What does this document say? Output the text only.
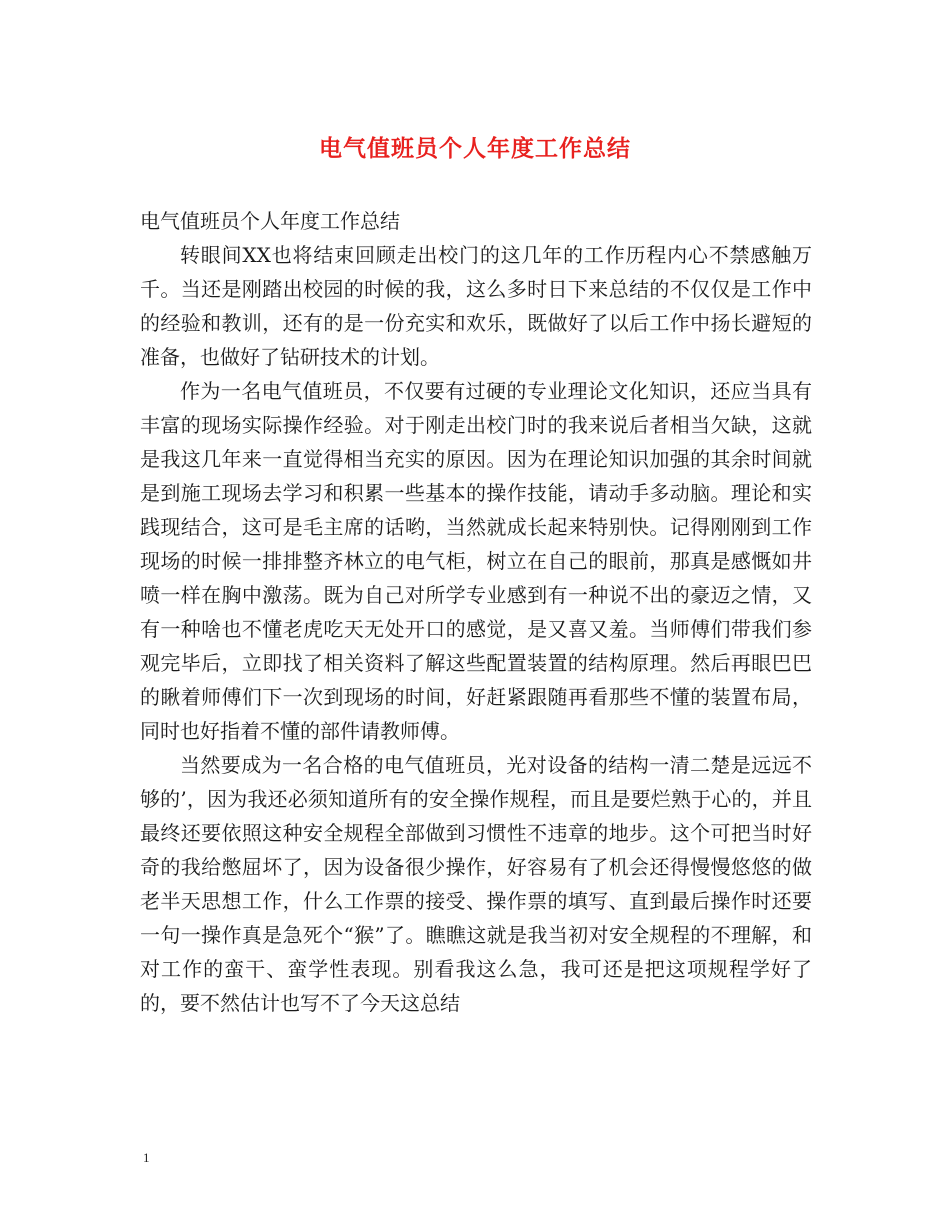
电气值班员个人年度工作总结

电气值班员个人年度工作总结

转眼间XX也将结束回顾走出校门的这几年的工作历程内心不禁感触万千。当还是刚踏出校园的时候的我，这么多时日下来总结的不仅仅是工作中的经验和教训，还有的是一份充实和欢乐，既做好了以后工作中扬长避短的准备，也做好了钻研技术的计划。

作为一名电气值班员，不仅要有过硬的专业理论文化知识，还应当具有丰富的现场实际操作经验。对于刚走出校门时的我来说后者相当欠缺，这就是我这几年来一直觉得相当充实的原因。因为在理论知识加强的其余时间就是到施工现场去学习和积累一些基本的操作技能，请动手多动脑。理论和实践现结合，这可是毛主席的话哟，当然就成长起来特别快。记得刚刚到工作现场的时候一排排整齐林立的电气柜，树立在自己的眼前，那真是感慨如井喷一样在胸中激荡。既为自己对所学专业感到有一种说不出的豪迈之情，又有一种啥也不懂老虎吃天无处开口的感觉，是又喜又羞。当师傅们带我们参观完毕后，立即找了相关资料了解这些配置装置的结构原理。然后再眼巴巴的瞅着师傅们下一次到现场的时间，好赶紧跟随再看那些不懂的装置布局，同时也好指着不懂的部件请教师傅。

当然要成为一名合格的电气值班员，光对设备的结构一清二楚是远远不够的’，因为我还必须知道所有的安全操作规程，而且是要烂熟于心的，并且最终还要依照这种安全规程全部做到习惯性不违章的地步。这个可把当时好奇的我给憋屈坏了，因为设备很少操作，好容易有了机会还得慢慢悠悠的做老半天思想工作，什么工作票的接受、操作票的填写、直到最后操作时还要一句一操作真是急死个“猴”了。瞧瞧这就是我当初对安全规程的不理解，和对工作的蛮干、蛮学性表现。别看我这么急，我可还是把这项规程学好了的，要不然估计也写不了今天这总结

1
